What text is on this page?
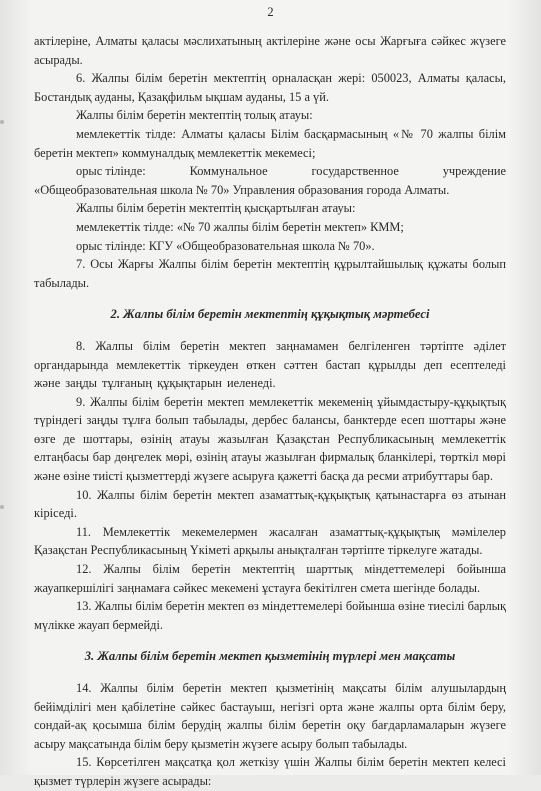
2

актілеріне, Алматы қаласы мәслихатының актілеріне және осы Жарғыға сәйкес жүзеге асырады.

6. Жалпы білім беретін мектептің орналасқан жері: 050023, Алматы қаласы, Бостандық ауданы, Қазақфильм ықшам ауданы, 15 а үй.

Жалпы білім беретін мектептің толық атауы:

мемлекеттік тілде: Алматы қаласы Білім басқармасының «№ 70 жалпы білім беретін мектеп» коммуналдық мемлекеттік мекемесі;

орыс тілінде:	Коммунальное	государственное	учреждение

«Общеобразовательная школа № 70» Управления образования города Алматы.

Жалпы білім беретін мектептің қысқартылған атауы:

мемлекеттік тілде: «№ 70 жалпы білім беретін мектеп» КММ;

орыс тілінде: КГУ «Общеобразовательная школа № 70».

7. Осы Жарғы Жалпы білім беретін мектептің құрылтайшылық құжаты болып табылады.

2. Жалпы білім беретін мектептің құқықтық мәртебесі

8. Жалпы білім беретін мектеп заңнамамен белгіленген тәртіпте әділет органдарында мемлекеттік тіркеуден өткен сәттен бастап құрылды деп есептеледі және заңды тұлғаның құқықтарын иеленеді.

9. Жалпы білім беретін мектеп мемлекеттік мекеменің ұйымдастыру-құқықтық түріндегі заңды тұлға болып табылады, дербес балансы, банктерде есеп шоттары және өзге де шоттары, өзінің атауы жазылған Қазақстан Республикасының мемлекеттік елтаңбасы бар дөңгелек мөрі, өзінің атауы жазылған фирмалық бланкілері, төрткіл мөрі және өзіне тиісті қызметтерді жүзеге асыруға қажетті басқа да ресми атрибуттары бар.

10. Жалпы білім беретін мектеп азаматтық-құқықтық қатынастарға өз атынан кіріседі.

11. Мемлекеттік мекемелермен жасалған азаматтық-құқықтық мәмілелер Қазақстан Республикасының Үкіметі арқылы анықталған тәртіпте тіркелуге жатады.

12. Жалпы білім беретін мектептің шарттық міндеттемелері бойынша жауапкершілігі заңнамаға сәйкес мекемені ұстауға бекітілген смета шегінде болады.

13. Жалпы білім беретін мектеп өз міндеттемелері бойынша өзіне тиесілі барлық мүлікке жауап бермейді.

3. Жалпы білім беретін мектеп қызметінің түрлері мен мақсаты

14. Жалпы білім беретін мектеп қызметінің мақсаты білім алушылардың бейімділігі мен қабілетіне сәйкес бастауыш, негізгі орта және жалпы орта білім беру, сондай-ақ қосымша білім берудің жалпы білім беретін оқу бағдарламаларын жүзеге асыру мақсатында білім беру қызметін жүзеге асыру болып табылады.

15. Көрсетілген мақсатқа қол жеткізу үшін Жалпы білім беретін мектеп келесі қызмет түрлерін жүзеге асырады:
